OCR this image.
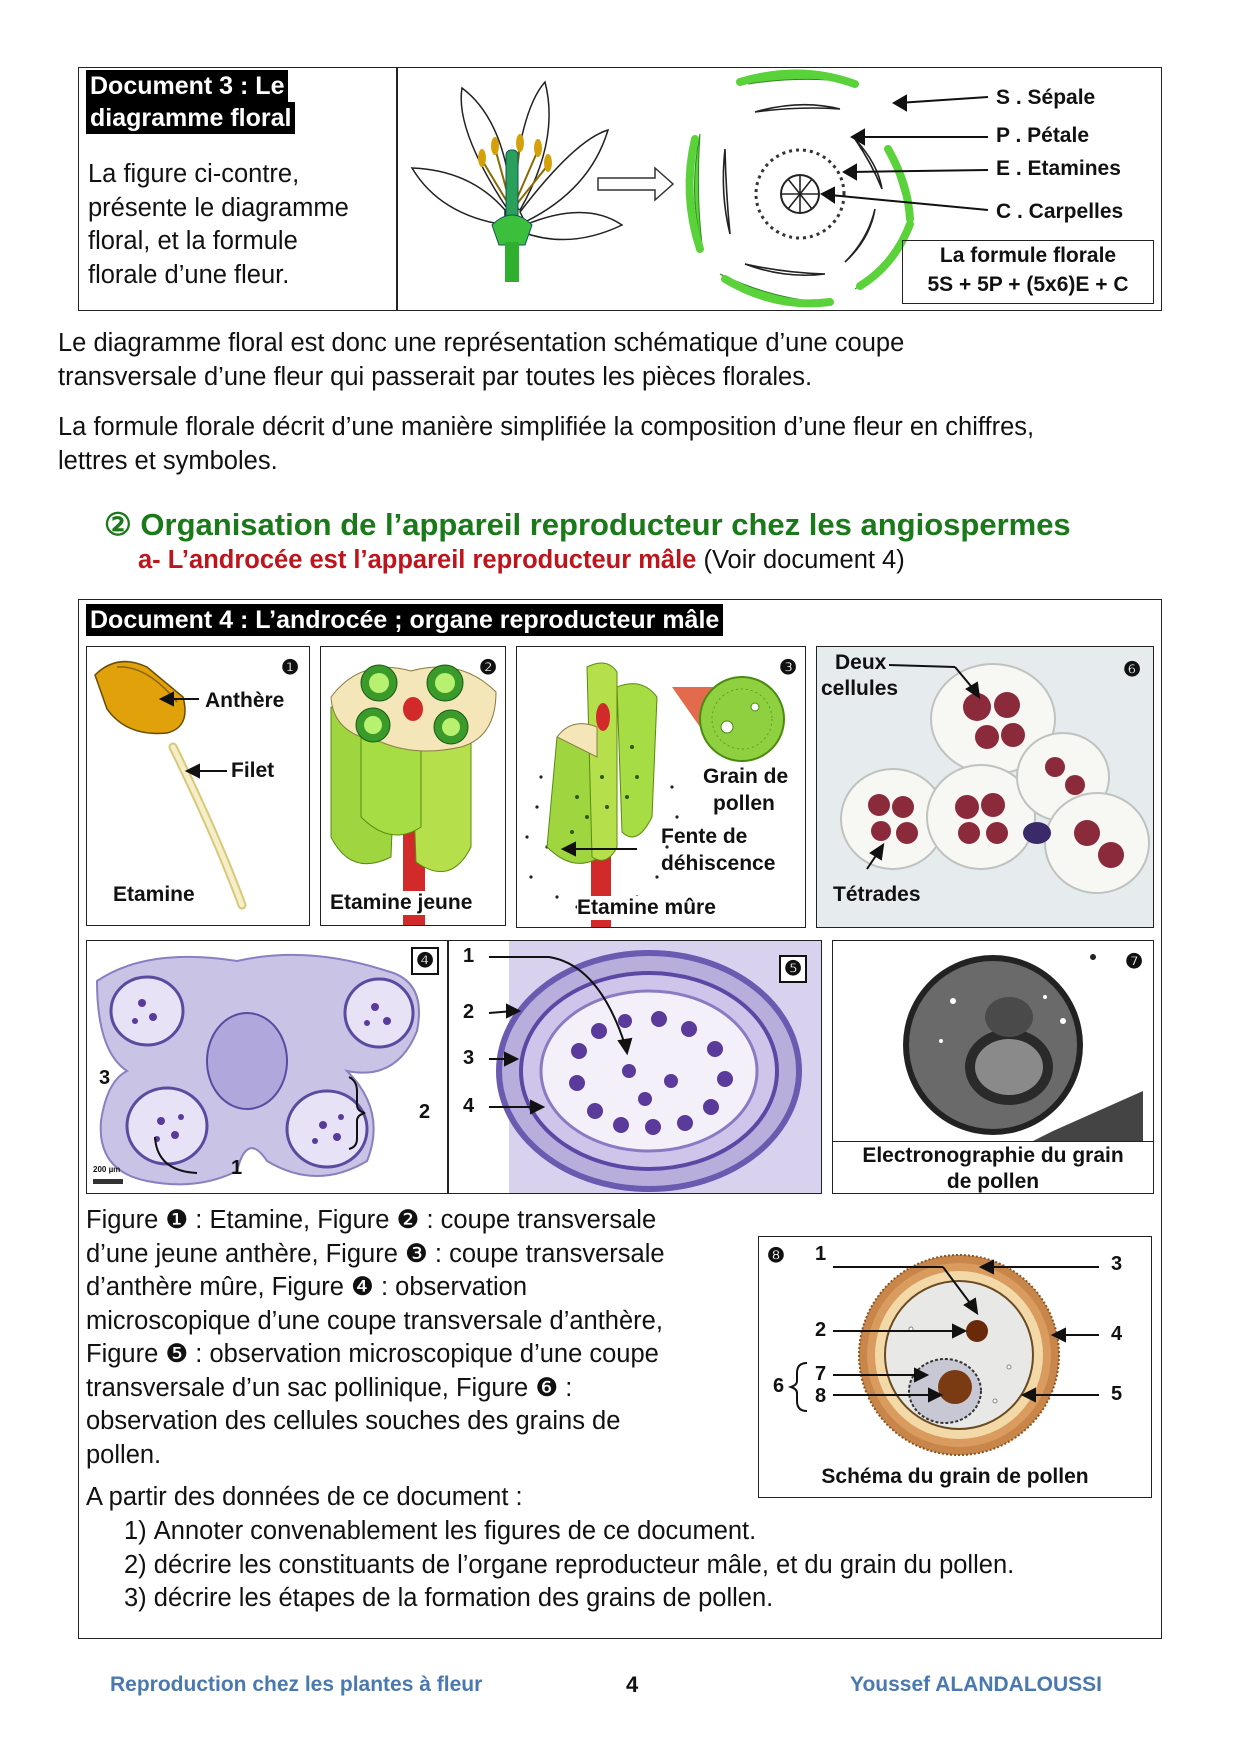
Document 3 : Le
diagramme floral
La figure ci-contre,
présente le diagramme
floral, et la formule
florale d’une fleur.
S . Sépale
P . Pétale
E . Etamines
C . Carpelles
La formule florale
5S + 5P + (5x6)E + C
Le diagramme floral est donc une représentation schématique d’une coupe
transversale d’une fleur qui passerait par toutes les pièces florales.
La formule florale décrit d’une manière simplifiée la composition d’une fleur en chiffres,
lettres et symboles.
② Organisation de l’appareil reproducteur chez les angiospermes
a- L’androcée est l’appareil reproducteur mâle (Voir document 4)
Document 4 : L’androcée ; organe reproducteur mâle
❶
Anthère
Filet
Etamine
❷
Etamine jeune
❸
Grain de
pollen
Fente de
déhiscence
Etamine mûre
❻
Deux
cellules
Tétrades
❹
3
2
1
200 µm
❺
1
2
3
4
❼
Electronographie du grain
de pollen
Figure ❶ : Etamine, Figure ❷ : coupe transversale
d’une jeune anthère, Figure ❸ : coupe transversale
d’anthère mûre, Figure ❹ : observation
microscopique d’une coupe transversale d’anthère,
Figure ❺ : observation microscopique d’une coupe
transversale d’un sac pollinique, Figure ❻ :
observation des cellules souches des grains de
pollen.
A partir des données de ce document :
1) Annoter convenablement les figures de ce document.
2) décrire les constituants de l’organe reproducteur mâle, et du grain du pollen.
3) décrire les étapes de la formation des grains de pollen.
❽ 1
2
3
4
5
6
7
8
Schéma du grain de pollen
Reproduction chez les plantes à fleur	4	Youssef ALANDALOUSSI
